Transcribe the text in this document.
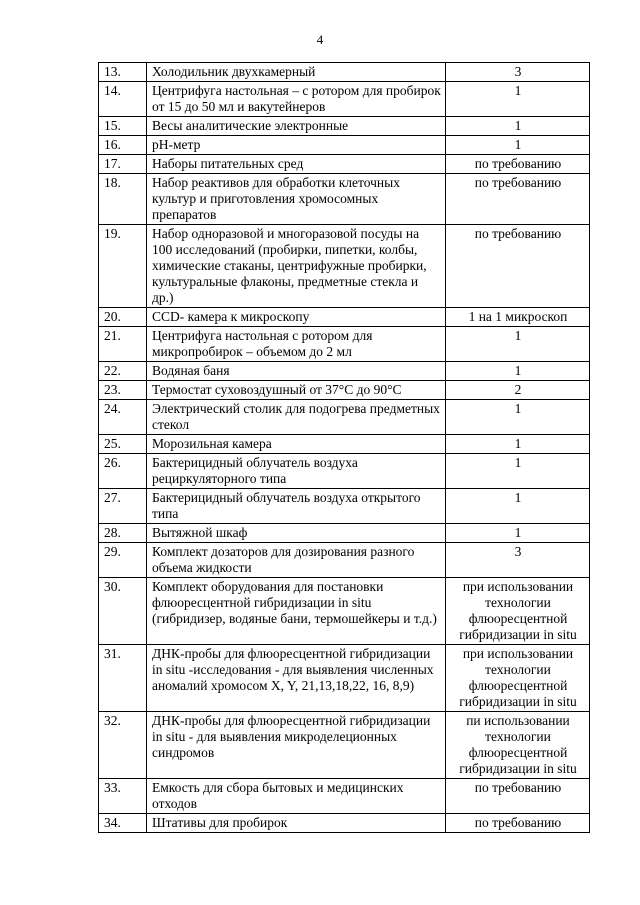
4
13.	Холодильник двухкамерный	3
14.	Центрифуга настольная – с ротором для пробирок от 15 до 50 мл и вакутейнеров	1
15.	Весы аналитические электронные	1
16.	pH-метр	1
17.	Наборы питательных сред	по требованию
18.	Набор реактивов для обработки клеточных культур и приготовления хромосомных препаратов	по требованию
19.	Набор одноразовой и многоразовой посуды на 100 исследований (пробирки, пипетки, колбы, химические стаканы, центрифужные пробирки, культуральные флаконы, предметные стекла и др.)	по требованию
20.	CCD- камера к микроскопу	1 на 1 микроскоп
21.	Центрифуга настольная с ротором для микропробирок – объемом до 2 мл	1
22.	Водяная баня	1
23.	Термостат суховоздушный от 37°С до 90°С	2
24.	Электрический столик для подогрева предметных стекол	1
25.	Морозильная камера	1
26.	Бактерицидный облучатель воздуха рециркуляторного типа	1
27.	Бактерицидный облучатель воздуха открытого типа	1
28.	Вытяжной шкаф	1
29.	Комплект дозаторов для дозирования разного объема жидкости	3
30.	Комплект оборудования для постановки флюоресцентной гибридизации in situ (гибридизер, водяные бани, термошейкеры и т.д.)	при использовании технологии флюоресцентной гибридизации in situ
31.	ДНК-пробы для флюоресцентной гибридизации in situ -исследования - для выявления численных аномалий хромосом X, Y, 21,13,18,22, 16, 8,9)	при использовании технологии флюоресцентной гибридизации in situ
32.	ДНК-пробы для флюоресцентной гибридизации in situ - для выявления микроделеционных синдромов	пи использовании технологии флюоресцентной гибридизации in situ
33.	Емкость для сбора бытовых и медицинских отходов	по требованию
34.	Штативы для пробирок	по требованию
